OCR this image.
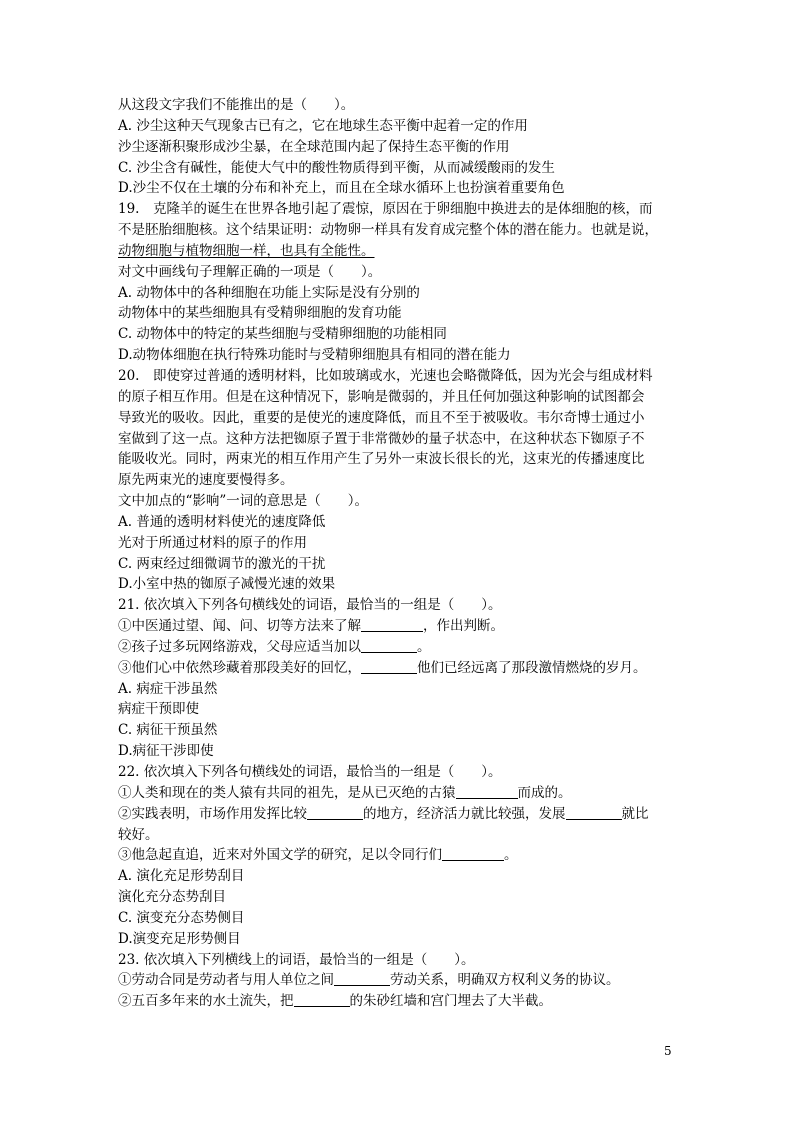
从这段文字我们不能推出的是（　　）。
A. 沙尘这种天气现象古已有之，它在地球生态平衡中起着一定的作用
沙尘逐渐积聚形成沙尘暴，在全球范围内起了保持生态平衡的作用
C. 沙尘含有碱性，能使大气中的酸性物质得到平衡，从而减缓酸雨的发生
D.沙尘不仅在土壤的分布和补充上，而且在全球水循环上也扮演着重要角色
19.　克隆羊的诞生在世界各地引起了震惊，原因在于卵细胞中换进去的是体细胞的核，而
不是胚胎细胞核。这个结果证明：动物卵一样具有发育成完整个体的潜在能力。也就是说，
动物细胞与植物细胞一样，也具有全能性。
对文中画线句子理解正确的一项是（　　）。
A. 动物体中的各种细胞在功能上实际是没有分别的
动物体中的某些细胞具有受精卵细胞的发育功能
C. 动物体中的特定的某些细胞与受精卵细胞的功能相同
D.动物体细胞在执行特殊功能时与受精卵细胞具有相同的潜在能力
20.　即使穿过普通的透明材料，比如玻璃或水，光速也会略微降低，因为光会与组成材料
的原子相互作用。但是在这种情况下，影响是微弱的，并且任何加强这种影响的试图都会
导致光的吸收。因此，重要的是使光的速度降低，而且不至于被吸收。韦尔奇博士通过小
室做到了这一点。这种方法把铷原子置于非常微妙的量子状态中，在这种状态下铷原子不
能吸收光。同时，两束光的相互作用产生了另外一束波长很长的光，这束光的传播速度比
原先两束光的速度要慢得多。
文中加点的“影响”一词的意思是（　　）。
A. 普通的透明材料使光的速度降低
光对于所通过材料的原子的作用
C. 两束经过细微调节的激光的干扰
D.小室中热的铷原子减慢光速的效果
21. 依次填入下列各句横线处的词语，最恰当的一组是（　　）。
①中医通过望、闻、问、切等方法来了解	，作出判断。
②孩子过多玩网络游戏，父母应适当加以	。
③他们心中依然珍藏着那段美好的回忆，	他们已经远离了那段激情燃烧的岁月。
A. 病症干涉虽然
病症干预即使
C. 病征干预虽然
D.病征干涉即使
22. 依次填入下列各句横线处的词语，最恰当的一组是（　　）。
①人类和现在的类人猿有共同的祖先，是从已灭绝的古猿	而成的。
②实践表明，市场作用发挥比较	的地方，经济活力就比较强，发展	就比
较好。
③他急起直追，近来对外国文学的研究，足以令同行们	。
A. 演化充足形势刮目
演化充分态势刮目
C. 演变充分态势侧目
D.演变充足形势侧目
23. 依次填入下列横线上的词语，最恰当的一组是（　　）。
①劳动合同是劳动者与用人单位之间	劳动关系，明确双方权利义务的协议。
②五百多年来的水土流失，把	的朱砂红墙和宫门埋去了大半截。
5
